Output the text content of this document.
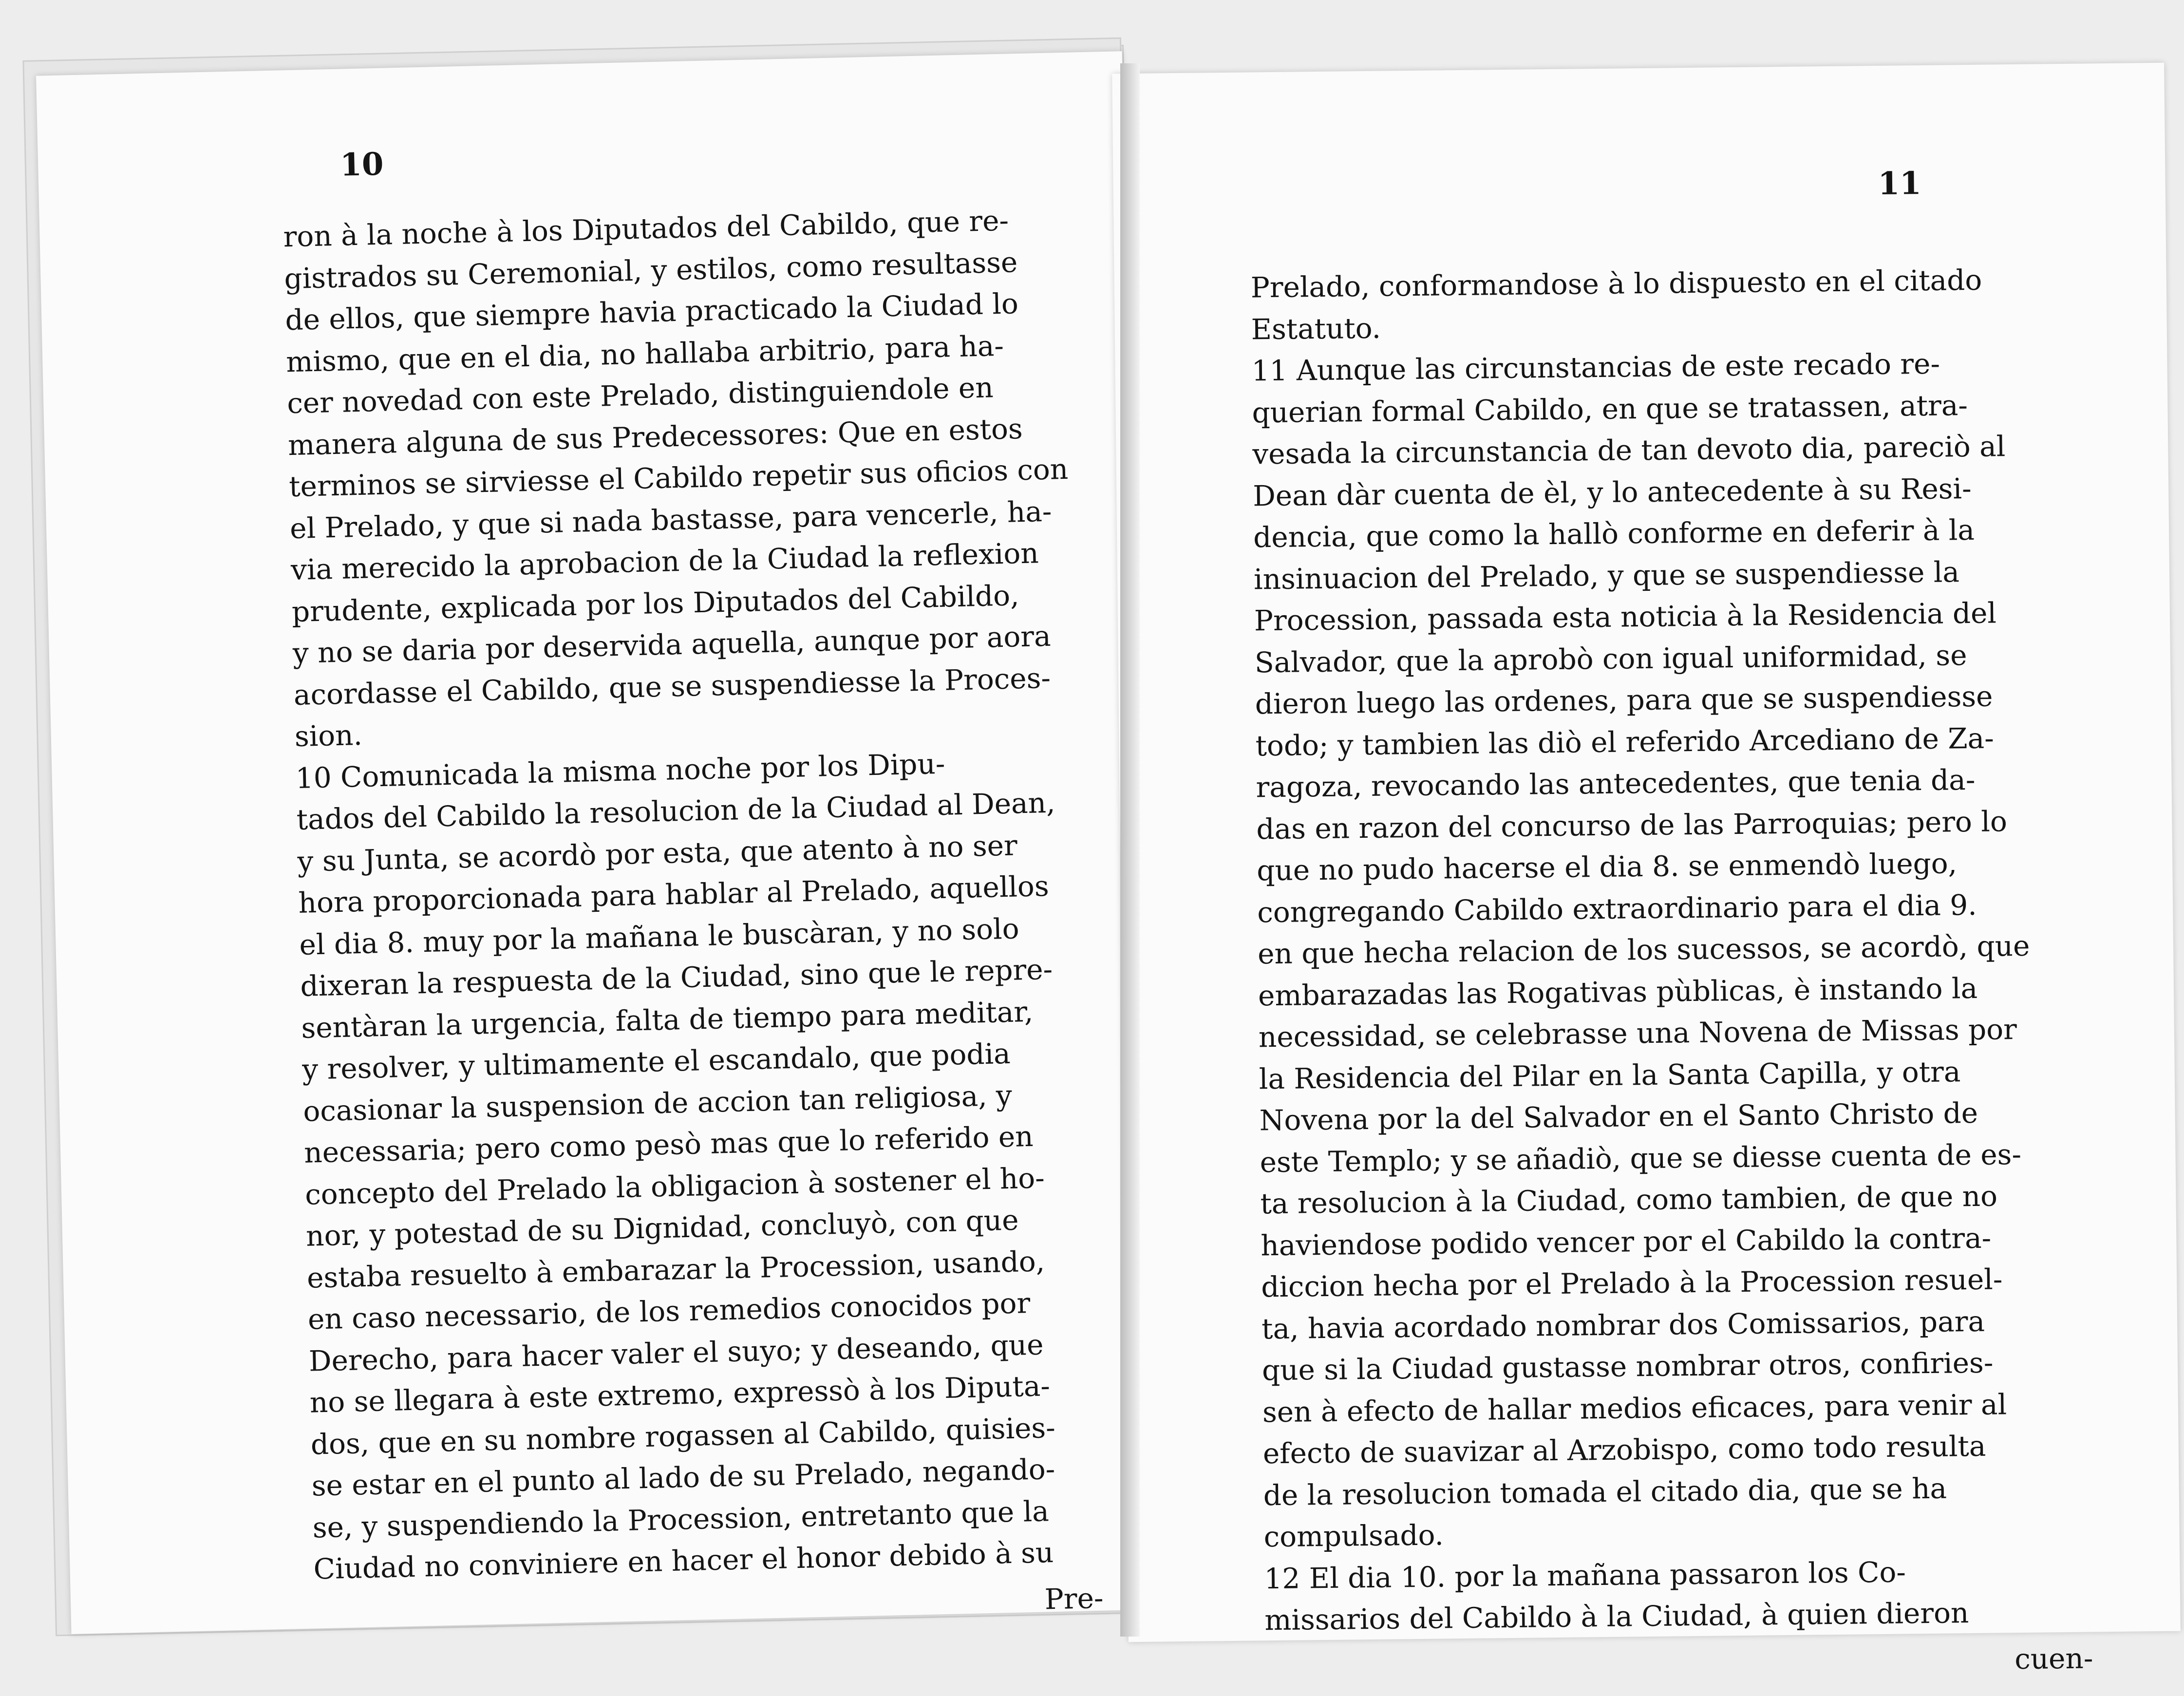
10
ron à la noche à los Diputados del Cabildo, que re-
gistrados su Ceremonial, y estilos, como resultasse
de ellos, que siempre havia practicado la Ciudad lo
mismo, que en el dia, no hallaba arbitrio, para ha-
cer novedad con este Prelado, distinguiendole en
manera alguna de sus Predecessores: Que en estos
terminos se sirviesse el Cabildo repetir sus oficios con
el Prelado, y que si nada bastasse, para vencerle, ha-
via merecido la aprobacion de la Ciudad la reflexion
prudente, explicada por los Diputados del Cabildo,
y no se daria por deservida aquella, aunque por aora
acordasse el Cabildo, que se suspendiesse la Proces-
sion.
10 Comunicada la misma noche por los Dipu-
tados del Cabildo la resolucion de la Ciudad al Dean,
y su Junta, se acordò por esta, que atento à no ser
hora proporcionada para hablar al Prelado, aquellos
el dia 8. muy por la mañana le buscàran, y no solo
dixeran la respuesta de la Ciudad, sino que le repre-
sentàran la urgencia, falta de tiempo para meditar,
y resolver, y ultimamente el escandalo, que podia
ocasionar la suspension de accion tan religiosa, y
necessaria; pero como pesò mas que lo referido en
concepto del Prelado la obligacion à sostener el ho-
nor, y potestad de su Dignidad, concluyò, con que
estaba resuelto à embarazar la Procession, usando,
en caso necessario, de los remedios conocidos por
Derecho, para hacer valer el suyo; y deseando, que
no se llegara à este extremo, expressò à los Diputa-
dos, que en su nombre rogassen al Cabildo, quisies-
se estar en el punto al lado de su Prelado, negando-
se, y suspendiendo la Procession, entretanto que la
Ciudad no conviniere en hacer el honor debido à su
Pre-
11
Prelado, conformandose à lo dispuesto en el citado
Estatuto.
11 Aunque las circunstancias de este recado re-
querian formal Cabildo, en que se tratassen, atra-
vesada la circunstancia de tan devoto dia, pareciò al
Dean dàr cuenta de èl, y lo antecedente à su Resi-
dencia, que como la hallò conforme en deferir à la
insinuacion del Prelado, y que se suspendiesse la
Procession, passada esta noticia à la Residencia del
Salvador, que la aprobò con igual uniformidad, se
dieron luego las ordenes, para que se suspendiesse
todo; y tambien las diò el referido Arcediano de Za-
ragoza, revocando las antecedentes, que tenia da-
das en razon del concurso de las Parroquias; pero lo
que no pudo hacerse el dia 8. se enmendò luego,
congregando Cabildo extraordinario para el dia 9.
en que hecha relacion de los sucessos, se acordò, que
embarazadas las Rogativas pùblicas, è instando la
necessidad, se celebrasse una Novena de Missas por
la Residencia del Pilar en la Santa Capilla, y otra
Novena por la del Salvador en el Santo Christo de
este Templo; y se añadiò, que se diesse cuenta de es-
ta resolucion à la Ciudad, como tambien, de que no
haviendose podido vencer por el Cabildo la contra-
diccion hecha por el Prelado à la Procession resuel-
ta, havia acordado nombrar dos Comissarios, para
que si la Ciudad gustasse nombrar otros, confiries-
sen à efecto de hallar medios eficaces, para venir al
efecto de suavizar al Arzobispo, como todo resulta
de la resolucion tomada el citado dia, que se ha
compulsado.
12 El dia 10. por la mañana passaron los Co-
missarios del Cabildo à la Ciudad, à quien dieron
cuen-
